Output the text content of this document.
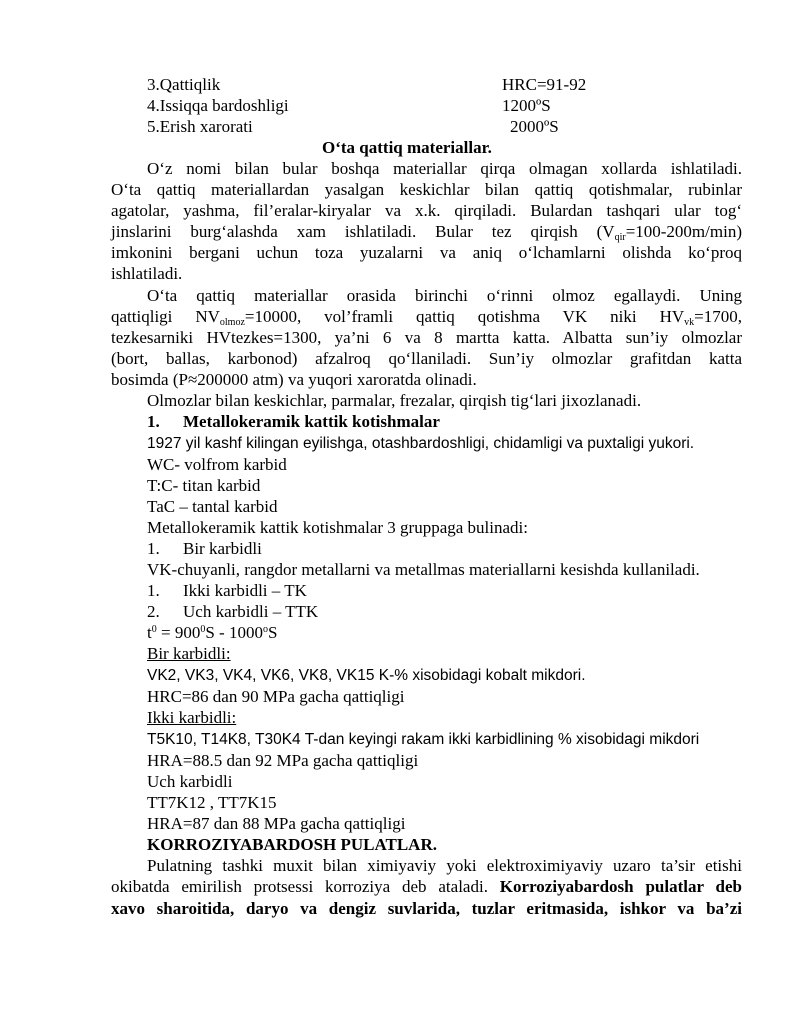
3.Qattiqlik	HRC=91-92
4.Issiqqa bardoshligi	1200ºS
5.Erish xarorati	2000ºS
O‘ta qattiq materiallar.
O‘z nomi bilan bular boshqa materiallar qirqa olmagan xollarda ishlatiladi.
O‘ta qattiq materiallardan yasalgan keskichlar bilan qattiq qotishmalar, rubinlar
agatolar, yashma, fil’eralar-kiryalar va x.k. qirqiladi. Bulardan tashqari ular tog‘
jinslarini burg‘alashda xam ishlatiladi. Bular tez qirqish $(V_{qir}=100-200m/\min)$
imkonini bergani uchun toza yuzalarni va aniq o‘lchamlarni olishda ko‘proq
ishlatiladi.
O‘ta qattiq materiallar orasida birinchi o‘rinni olmoz egallaydi. Uning
qattiqligi $NV_{olmoz}=10000$, vol’framli qattiq qotishma VK niki $HV_{vk}=1700$,
tezkesarniki HVtezkes=1300, ya’ni 6 va 8 martta katta. Albatta sun’iy olmozlar
(bort, ballas, karbonod) afzalroq qo‘llaniladi. Sun’iy olmozlar grafitdan katta
bosimda (P≈200000 atm) va yuqori xaroratda olinadi.
Olmozlar bilan keskichlar, parmalar, frezalar, qirqish tig‘lari jixozlanadi.
1. Metallokeramik kattik kotishmalar
1927 yil kashf kilingan eyilishga, otashbardoshligi, chidamligi va puxtaligi yukori.
WC- volfrom karbid
T:C- titan karbid
TaC – tantal karbid
Metallokeramik kattik kotishmalar 3 gruppaga bulinadi:
1. Bir karbidli
VK-chuyanli, rangdor metallarni va metallmas materiallarni kesishda kullaniladi.
1. Ikki karbidli – TK
2. Uch karbidli – TTK
$t^0 = 900^0S - 1000^oS$
Bir karbidli:
VK2, VK3, VK4, VK6, VK8, VK15 K-% xisobidagi kobalt mikdori.
HRC=86 dan 90 MPa gacha qattiqligi
Ikki karbidli:
T5K10, T14K8, T30K4 T-dan keyingi rakam ikki karbidlining % xisobidagi mikdori
HRA=88.5 dan 92 MPa gacha qattiqligi
Uch karbidli
TT7K12 , TT7K15
HRA=87 dan 88 MPa gacha qattiqligi
KORROZIYABARDOSH PULATLAR.
Pulatning tashki muxit bilan ximiyaviy yoki elektroximiyaviy uzaro ta’sir etishi
okibatda emirilish protsessi korroziya deb ataladi. Korroziyabardosh pulatlar deb
xavo sharoitida, daryo va dengiz suvlarida, tuzlar eritmasida, ishkor va ba’zi
